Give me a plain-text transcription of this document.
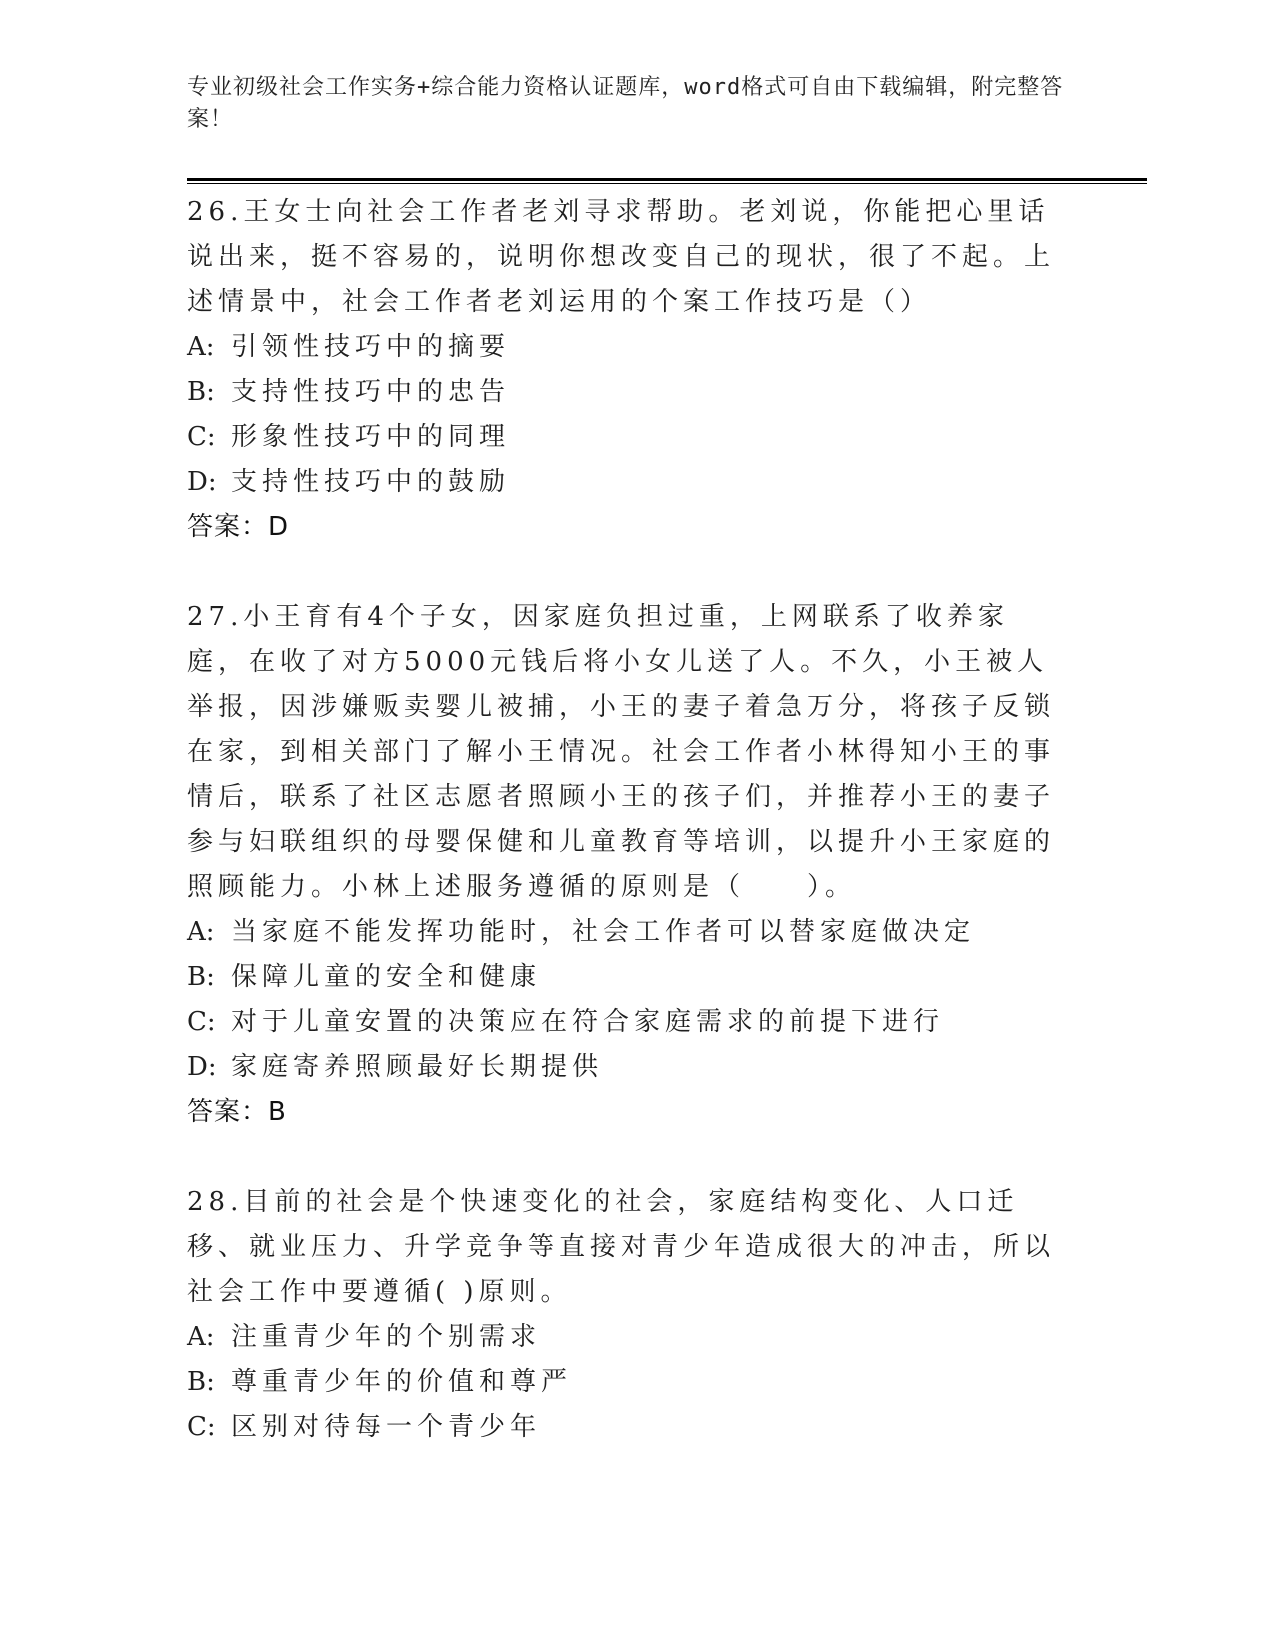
专业初级社会工作实务+综合能力资格认证题库，word格式可自由下载编辑，附完整答案！

26.王女士向社会工作者老刘寻求帮助。老刘说，你能把心里话说出来，挺不容易的，说明你想改变自己的现状，很了不起。上述情景中，社会工作者老刘运用的个案工作技巧是（）

A: 引领性技巧中的摘要

B: 支持性技巧中的忠告

C: 形象性技巧中的同理

D: 支持性技巧中的鼓励

答案：D

27.小王育有4个子女，因家庭负担过重，上网联系了收养家庭，在收了对方5000元钱后将小女儿送了人。不久，小王被人举报，因涉嫌贩卖婴儿被捕，小王的妻子着急万分，将孩子反锁在家，到相关部门了解小王情况。社会工作者小林得知小王的事情后，联系了社区志愿者照顾小王的孩子们，并推荐小王的妻子参与妇联组织的母婴保健和儿童教育等培训，以提升小王家庭的照顾能力。小林上述服务遵循的原则是（　　）。

A: 当家庭不能发挥功能时，社会工作者可以替家庭做决定

B: 保障儿童的安全和健康

C: 对于儿童安置的决策应在符合家庭需求的前提下进行

D: 家庭寄养照顾最好长期提供

答案：B

28.目前的社会是个快速变化的社会，家庭结构变化、人口迁移、就业压力、升学竞争等直接对青少年造成很大的冲击，所以社会工作中要遵循( )原则。

A: 注重青少年的个别需求

B: 尊重青少年的价值和尊严

C: 区别对待每一个青少年
